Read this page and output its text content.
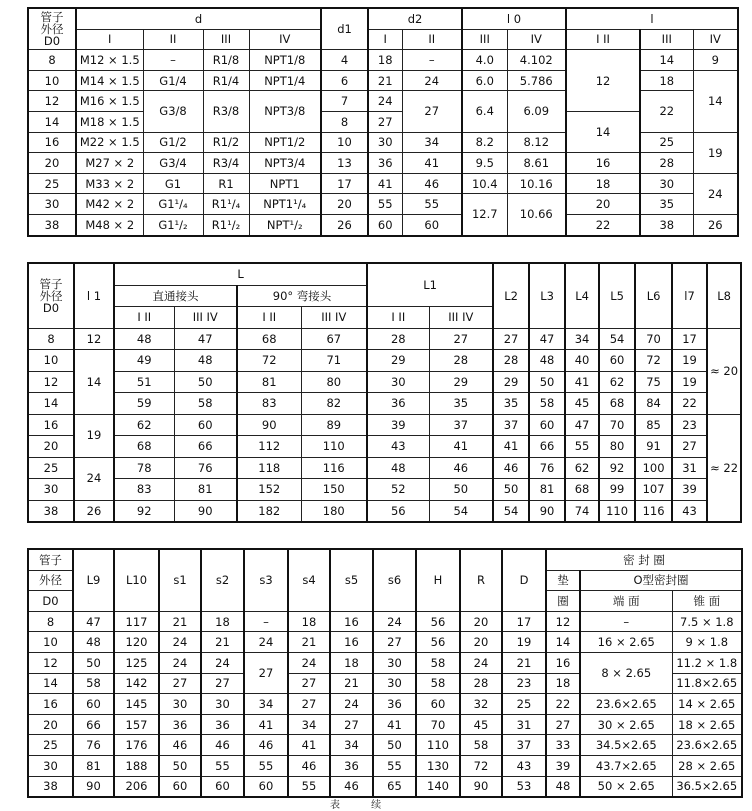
管子
外径
D0	d				d1	d2		l 0		l		
	I	II	III	IV		I	II	III	IV	I II	III	IV
8	M12 × 1.5	–	R1/8	NPT1/8	4	18	–	4.0	4.102	12	14	9
10	M14 × 1.5	G1/4	R1/4	NPT1/4	6	21	24	6.0	5.786		18	14
12	M16 × 1.5	G3/8	R3/8	NPT3/8	7	24	27	6.4	6.09		22	
14	M18 × 1.5				8	27				14		
16	M22 × 1.5	G1/2	R1/2	NPT1/2	10	30	34	8.2	8.12		25	19
20	M27 × 2	G3/4	R3/4	NPT3/4	13	36	41	9.5	8.61	16	28	
25	M33 × 2	G1	R1	NPT1	17	41	46	10.4	10.16	18	30	24
30	M42 × 2	G1¹/₄	R1¹/₄	NPT1¹/₄	20	55	55	12.7	10.66	20	35	
38	M48 × 2	G1¹/₂	R1¹/₂	NPT¹/₂	26	60	60			22	38	26
管子
外径
D0	l 1	L				L1		L2	L3	L4	L5	L6	l7	L8
		直通接头		90° 弯接头										
		I II	III IV	I II	III IV	I II	III IV							
8	12	48	47	68	67	28	27	27	47	34	54	70	17	≈ 20
10	14	49	48	72	71	29	28	28	48	40	60	72	19	
12		51	50	81	80	30	29	29	50	41	62	75	19	
14		59	58	83	82	36	35	35	58	45	68	84	22	
16	19	62	60	90	89	39	37	37	60	47	70	85	23	≈ 22
20		68	66	112	110	43	41	41	66	55	80	91	27	
25	24	78	76	118	116	48	46	46	76	62	92	100	31	
30		83	81	152	150	52	50	50	81	68	99	107	39	
38	26	92	90	182	180	56	54	54	90	74	110	116	43	
管子	L9	L10	s1	s2	s3	s4	s5	s6	H	R	D	密 封 圈		
外径												垫	O型密封圈	
D0												圈	端 面	锥 面
8	47	117	21	18	–	18	16	24	56	20	17	12	–	7.5 × 1.8
10	48	120	24	21	24	21	16	27	56	20	19	14	16 × 2.65	9 × 1.8
12	50	125	24	24	27	24	18	30	58	24	21	16	8 × 2.65	11.2 × 1.8
14	58	142	27	27		27	21	30	58	28	23	18		11.8×2.65
16	60	145	30	30	34	27	24	36	60	32	25	22	23.6×2.65	14 × 2.65
20	66	157	36	36	41	34	27	41	70	45	31	27	30 × 2.65	18 × 2.65
25	76	176	46	46	46	41	34	50	110	58	37	33	34.5×2.65	23.6×2.65
30	81	188	50	55	55	46	36	55	130	72	43	39	43.7×2.65	28 × 2.65
38	90	206	60	60	60	55	46	65	140	90	53	48	50 × 2.65	36.5×2.65
表 续
